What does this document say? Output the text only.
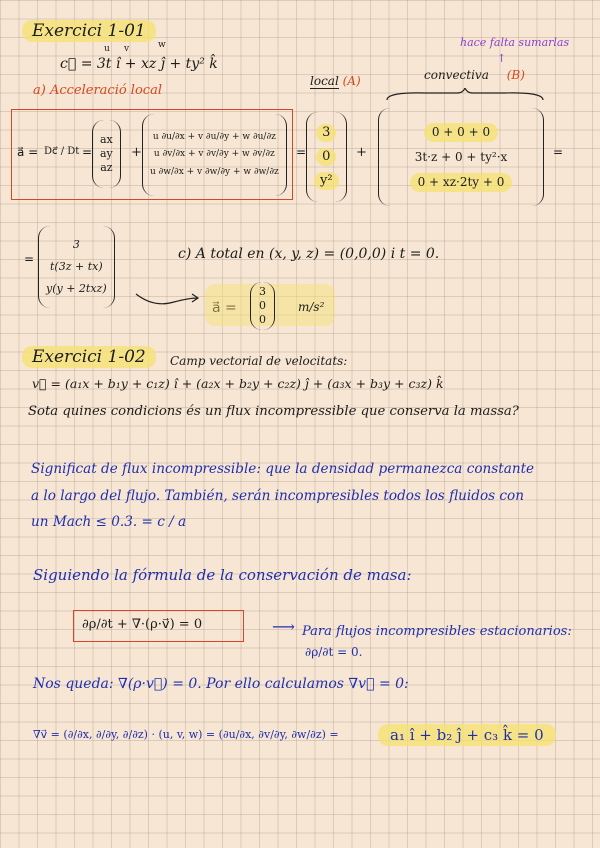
Exercici 1-01
hace falta sumarlas
↑
u v	w
c⃗ = 3t î + xz ĵ + ty² k̂
a) Acceleració local
local (A)	convectiva (B)
a⃗ = Dc⃗ / Dt =
ax
ay
az
+
u ∂u/∂x + v ∂u/∂y + w ∂u/∂z
u ∂v/∂x + v ∂v/∂y + w ∂v/∂z
u ∂w/∂x + v ∂w/∂y + w ∂w/∂z
=
3
0
y²
+
0 + 0 + 0
3t·z + 0 + ty²·x
0 + xz·2ty + 0
=
=
3
t(3z + tx)
y(y + 2txz)
c) A total en (x, y, z) = (0,0,0) i t = 0.
3
0
0
m/s²
Exercici 1-02	Camp vectorial de velocitats:
v⃗ = (a₁x + b₁y + c₁z) î + (a₂x + b₂y + c₂z) ĵ + (a₃x + b₃y + c₃z) k̂
Sota quines condicions és un flux incompressible que conserva la massa?
Significat de flux incompressible: que la densidad permanezca constante
a lo largo del flujo. También, serán incompresibles todos los fluidos con
un Mach ≤ 0.3. = c / a
Siguiendo la fórmula de la conservación de masa:
∂ρ/∂t + ∇·(ρ·v⃗) = 0	⟶ Para flujos incompresibles estacionarios:
∂ρ/∂t = 0.
Nos queda: ∇(ρ·v⃗) = 0. Por ello calculamos ∇v⃗ = 0:
∇v⃗ = (∂/∂x, ∂/∂y, ∂/∂z) · (u, v, w) = (∂u/∂x, ∂v/∂y, ∂w/∂z) =	a₁ î + b₂ ĵ + c₃ k̂ = 0
